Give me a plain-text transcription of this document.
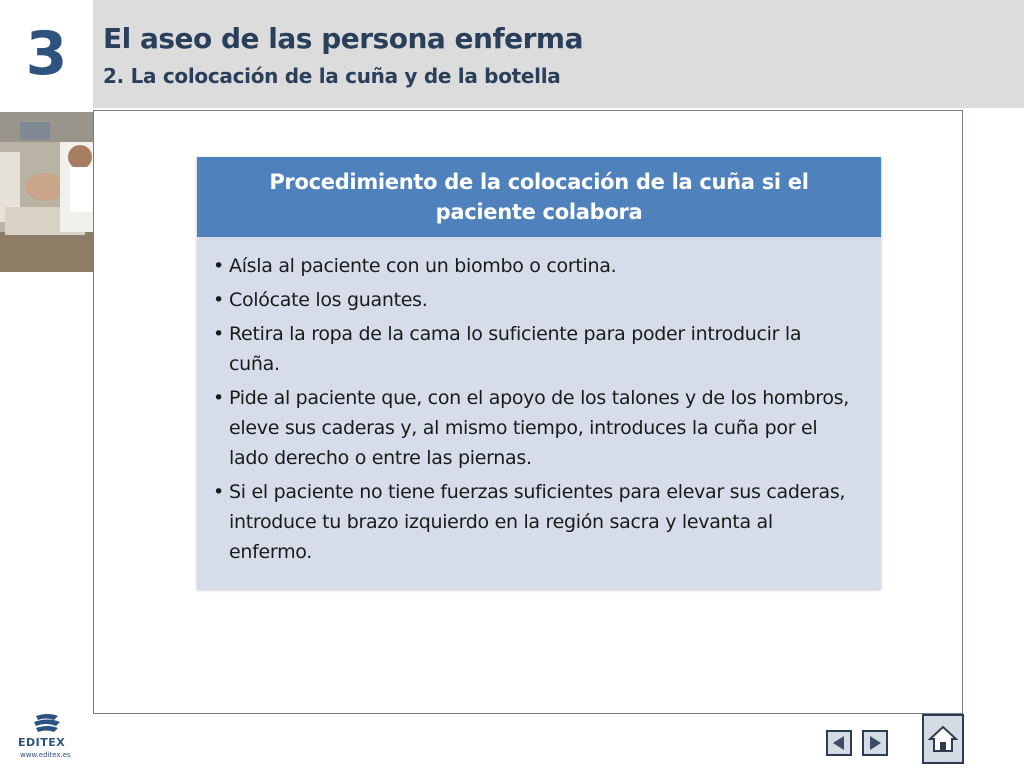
3	El aseo de las persona enferma
2. La colocación de la cuña y de la botella
Procedimiento de la colocación de la cuña si el paciente colabora
• Aísla al paciente con un biombo o cortina.
• Colócate los guantes.
• Retira la ropa de la cama lo suficiente para poder introducir la cuña.
• Pide al paciente que, con el apoyo de los talones y de los hombros, eleve sus caderas y, al mismo tiempo, introduces la cuña por el lado derecho o entre las piernas.
• Si el paciente no tiene fuerzas suficientes para elevar sus caderas, introduce tu brazo izquierdo en la región sacra y levanta al enfermo.
EDITEX
www.editex.es
